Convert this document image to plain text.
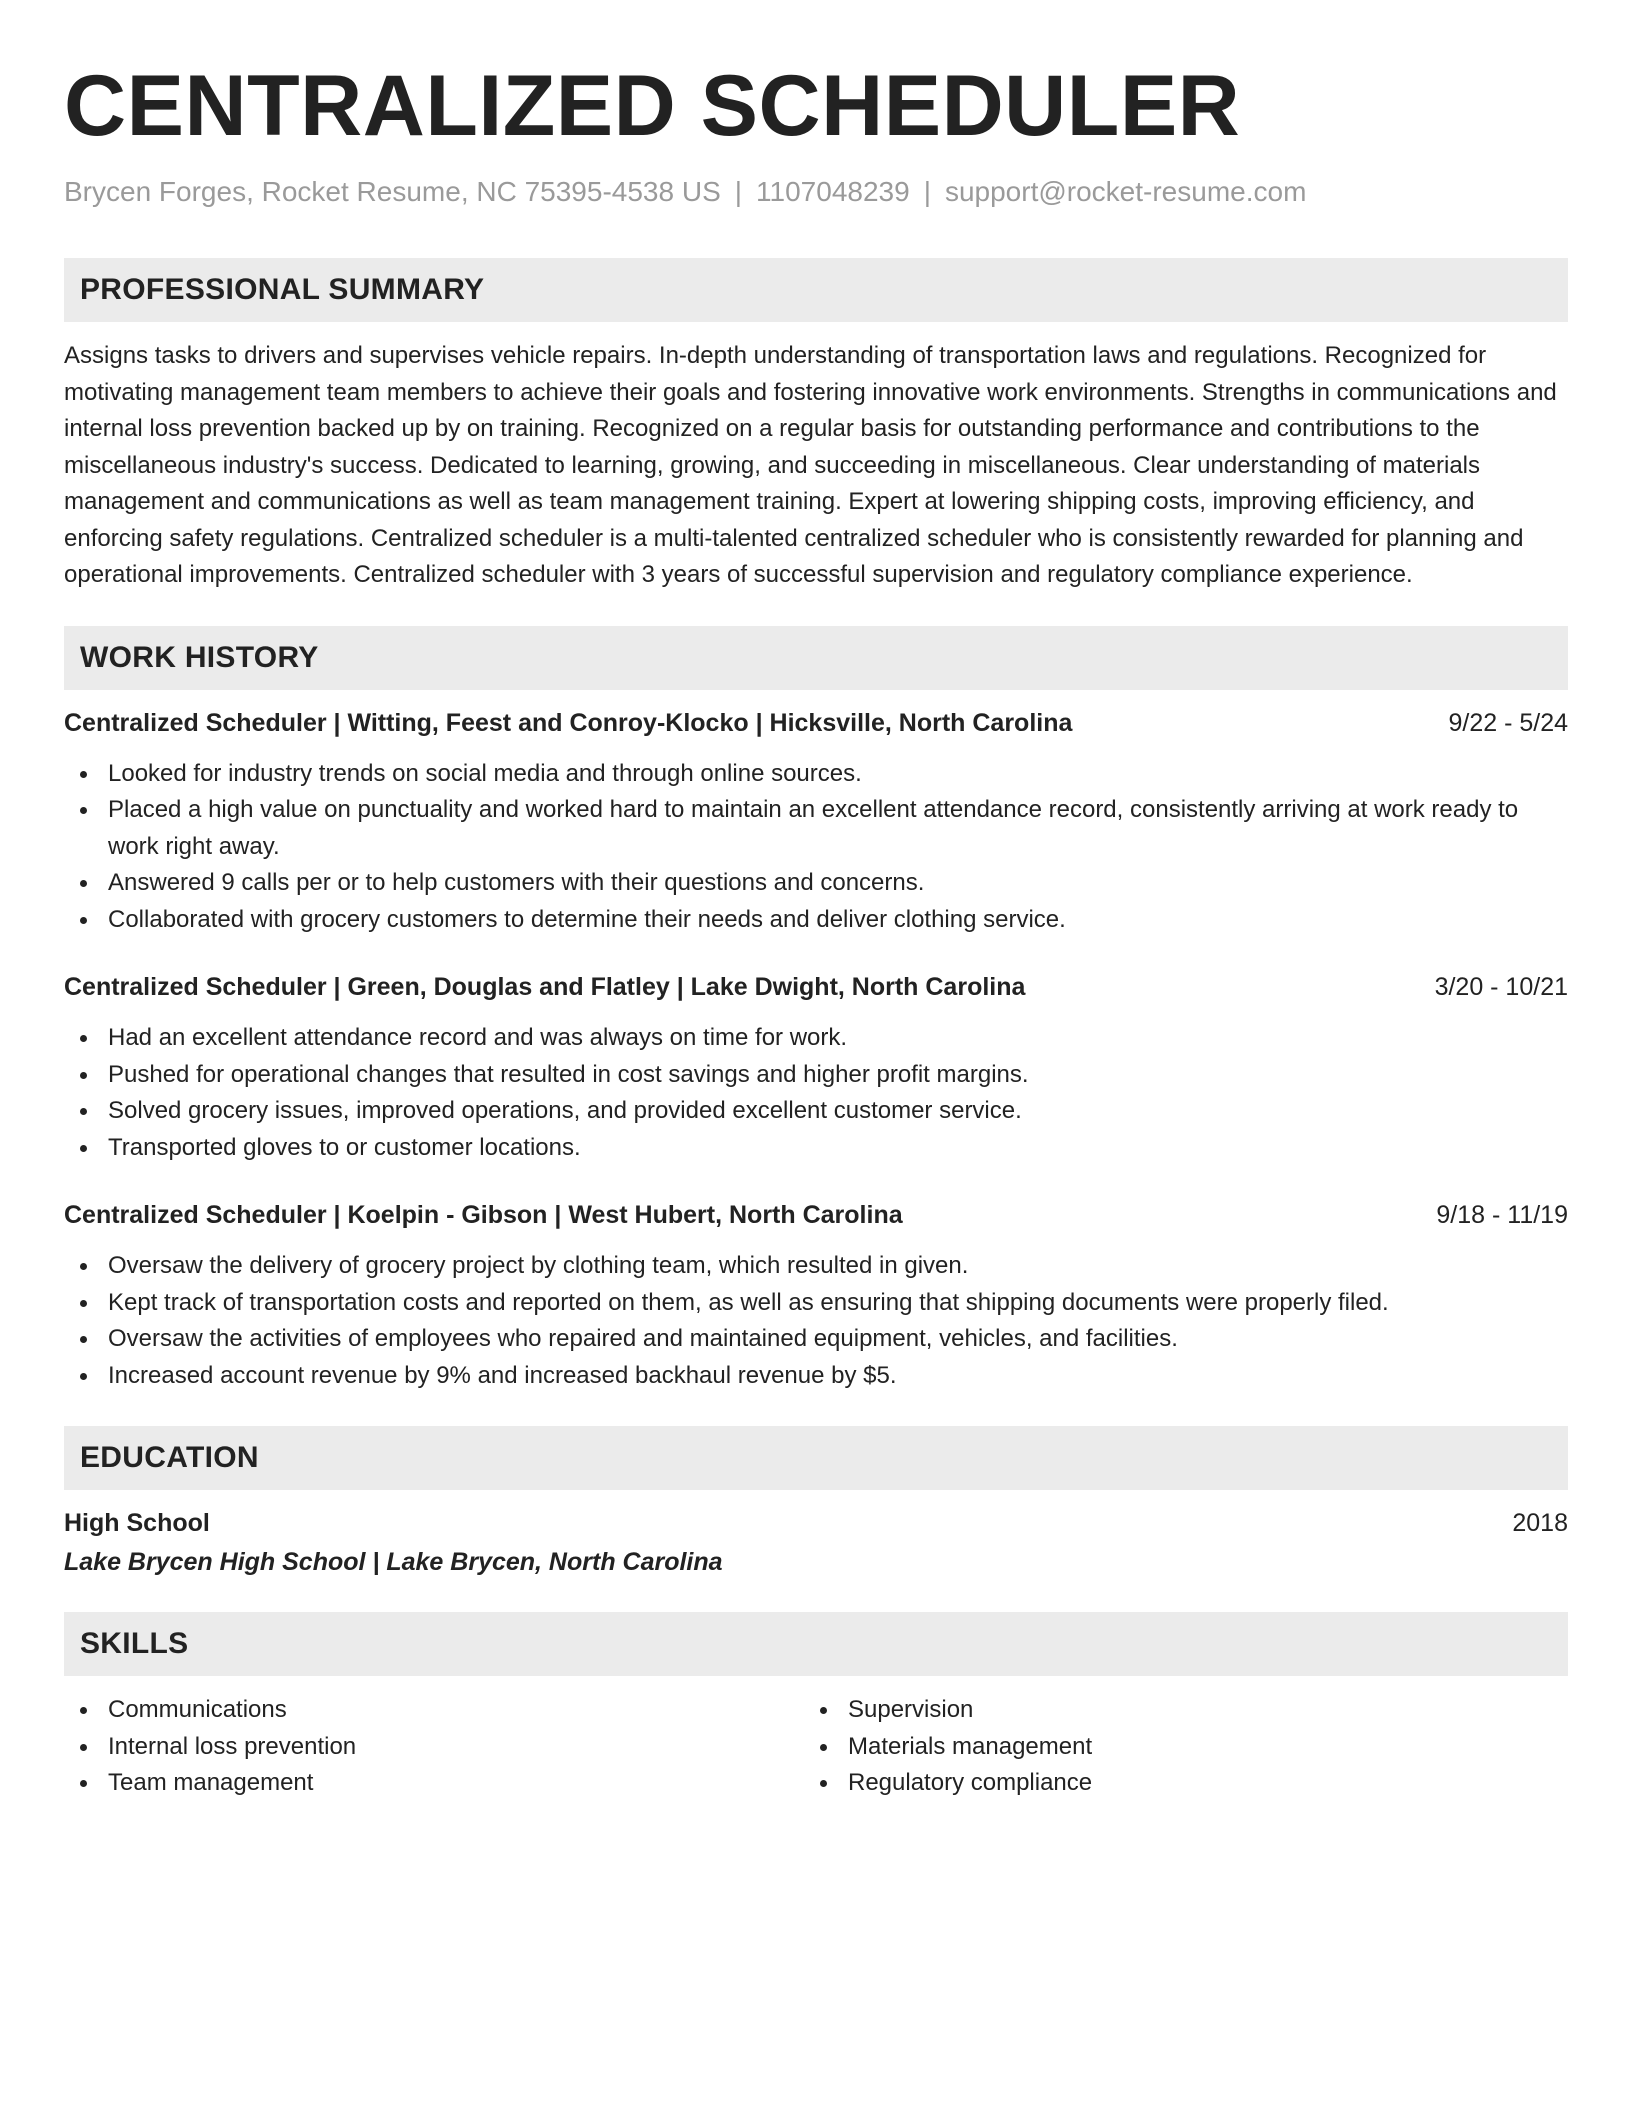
CENTRALIZED SCHEDULER
Brycen Forges, Rocket Resume, NC 75395-4538 US | 1107048239 | support@rocket-resume.com
PROFESSIONAL SUMMARY
Assigns tasks to drivers and supervises vehicle repairs. In-depth understanding of transportation laws and regulations. Recognized for motivating management team members to achieve their goals and fostering innovative work environments. Strengths in communications and internal loss prevention backed up by on training. Recognized on a regular basis for outstanding performance and contributions to the miscellaneous industry's success. Dedicated to learning, growing, and succeeding in miscellaneous. Clear understanding of materials management and communications as well as team management training. Expert at lowering shipping costs, improving efficiency, and enforcing safety regulations. Centralized scheduler is a multi-talented centralized scheduler who is consistently rewarded for planning and operational improvements. Centralized scheduler with 3 years of successful supervision and regulatory compliance experience.
WORK HISTORY
Centralized Scheduler | Witting, Feest and Conroy-Klocko | Hicksville, North Carolina	9/22 - 5/24
Looked for industry trends on social media and through online sources.
Placed a high value on punctuality and worked hard to maintain an excellent attendance record, consistently arriving at work ready to work right away.
Answered 9 calls per or to help customers with their questions and concerns.
Collaborated with grocery customers to determine their needs and deliver clothing service.
Centralized Scheduler | Green, Douglas and Flatley | Lake Dwight, North Carolina	3/20 - 10/21
Had an excellent attendance record and was always on time for work.
Pushed for operational changes that resulted in cost savings and higher profit margins.
Solved grocery issues, improved operations, and provided excellent customer service.
Transported gloves to or customer locations.
Centralized Scheduler | Koelpin - Gibson | West Hubert, North Carolina	9/18 - 11/19
Oversaw the delivery of grocery project by clothing team, which resulted in given.
Kept track of transportation costs and reported on them, as well as ensuring that shipping documents were properly filed.
Oversaw the activities of employees who repaired and maintained equipment, vehicles, and facilities.
Increased account revenue by 9% and increased backhaul revenue by $5.
EDUCATION
High School	2018
Lake Brycen High School | Lake Brycen, North Carolina
SKILLS
Communications
Internal loss prevention
Team management
Supervision
Materials management
Regulatory compliance
